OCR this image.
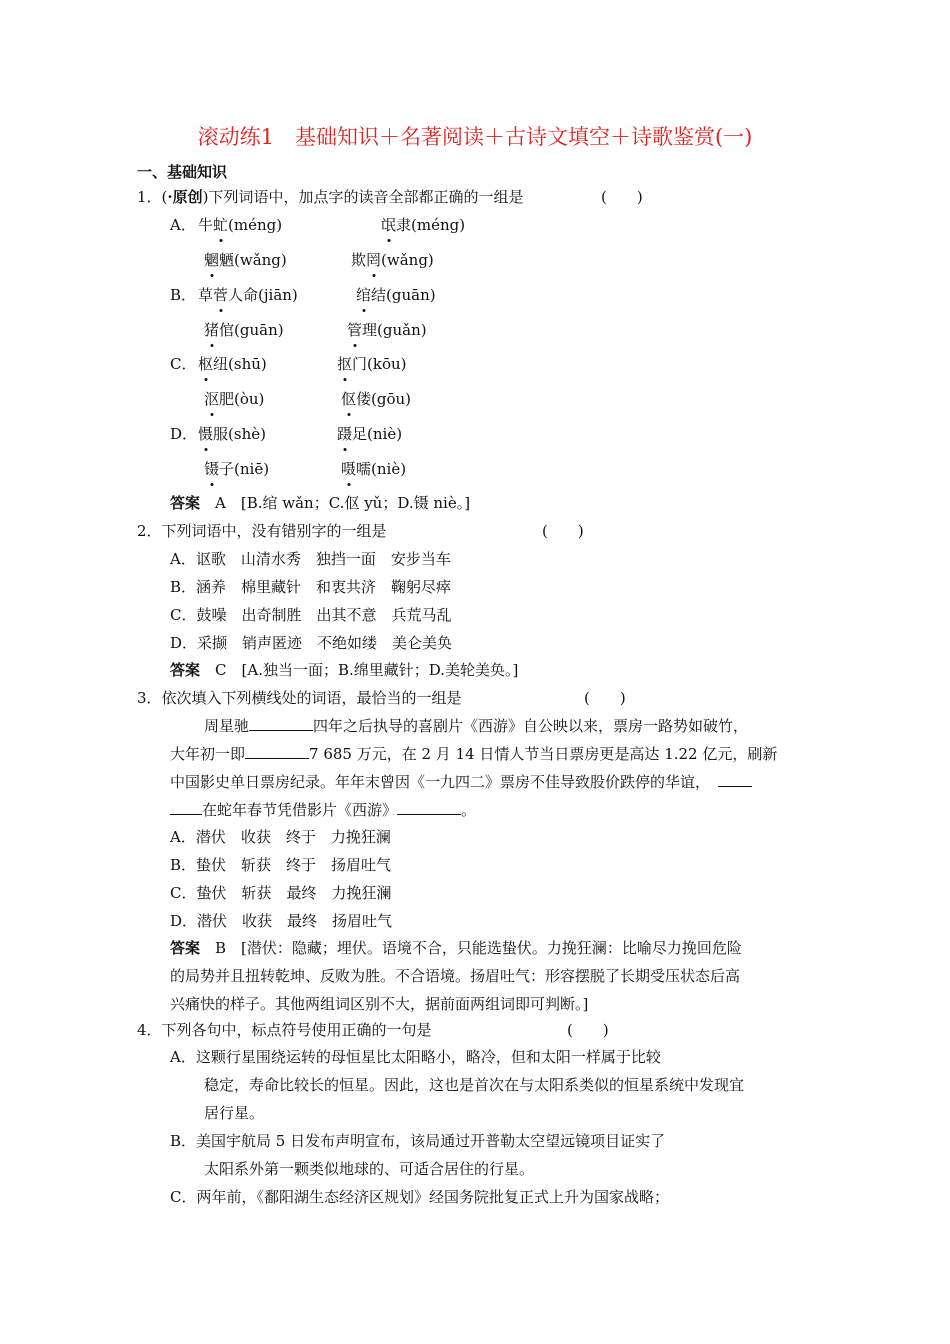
滚动练1　基础知识＋名著阅读＋古诗文填空＋诗歌鉴赏(一)
一、基础知识
1．(·原创)下列词语中，加点字的读音全部都正确的一组是	(　　)
A． 牛虻(méng)	氓隶(méng)
魍魉(wǎng)	欺罔(wǎng)
B． 草菅人命(jiān)	绾结(guān)
猪倌(guān)	管理(guǎn)
C． 枢纽(shū)	抠门(kōu)
沤肥(òu)	伛偻(gōu)
D． 慑服(shè)	蹑足(niè)
镊子(niē)	嗫嚅(niè)
答案　 A　[B.绾 wǎn；C.伛 yǔ；D.镊 niè。]
2．下列词语中，没有错别字的一组是	(　　)
A．讴歌　山清水秀　独挡一面　安步当车
B．涵养　棉里藏针　和衷共济　鞠躬尽瘁
C．鼓噪　出奇制胜　出其不意　兵荒马乱
D．采撷　销声匿迹　不绝如缕　美仑美奂
答案　 C　[A.独当一面；B.绵里藏针；D.美轮美奂。]
3．依次填入下列横线处的词语，最恰当的一组是	(　　)
周星驰	四年之后执导的喜剧片《西游》自公映以来，票房一路势如破竹，
大年初一即	7 685 万元，在 2 月 14 日情人节当日票房更是高达 1.22 亿元，刷新
中国影史单日票房纪录。年年末曾因《一九四二》票房不佳导致股价跌停的华谊，
在蛇年春节凭借影片《西游》	。
A．潜伏　收获　终于　力挽狂澜
B．蛰伏　斩获　终于　扬眉吐气
C．蛰伏　斩获　最终　力挽狂澜
D．潜伏　收获　最终　扬眉吐气
答案　 B　[潜伏：隐藏；埋伏。语境不合，只能选蛰伏。力挽狂澜：比喻尽力挽回危险
的局势并且扭转乾坤、反败为胜。不合语境。扬眉吐气：形容摆脱了长期受压状态后高
兴痛快的样子。其他两组词区别不大，据前面两组词即可判断。]
4．下列各句中，标点符号使用正确的一句是	(　　)
A．这颗行星围绕运转的母恒星比太阳略小，略冷，但和太阳一样属于比较
稳定，寿命比较长的恒星。因此，这也是首次在与太阳系类似的恒星系统中发现宜
居行星。
B．美国宇航局 5 日发布声明宣布，该局通过开普勒太空望远镜项目证实了
太阳系外第一颗类似地球的、可适合居住的行星。
C．两年前，《鄱阳湖生态经济区规划》经国务院批复正式上升为国家战略；
